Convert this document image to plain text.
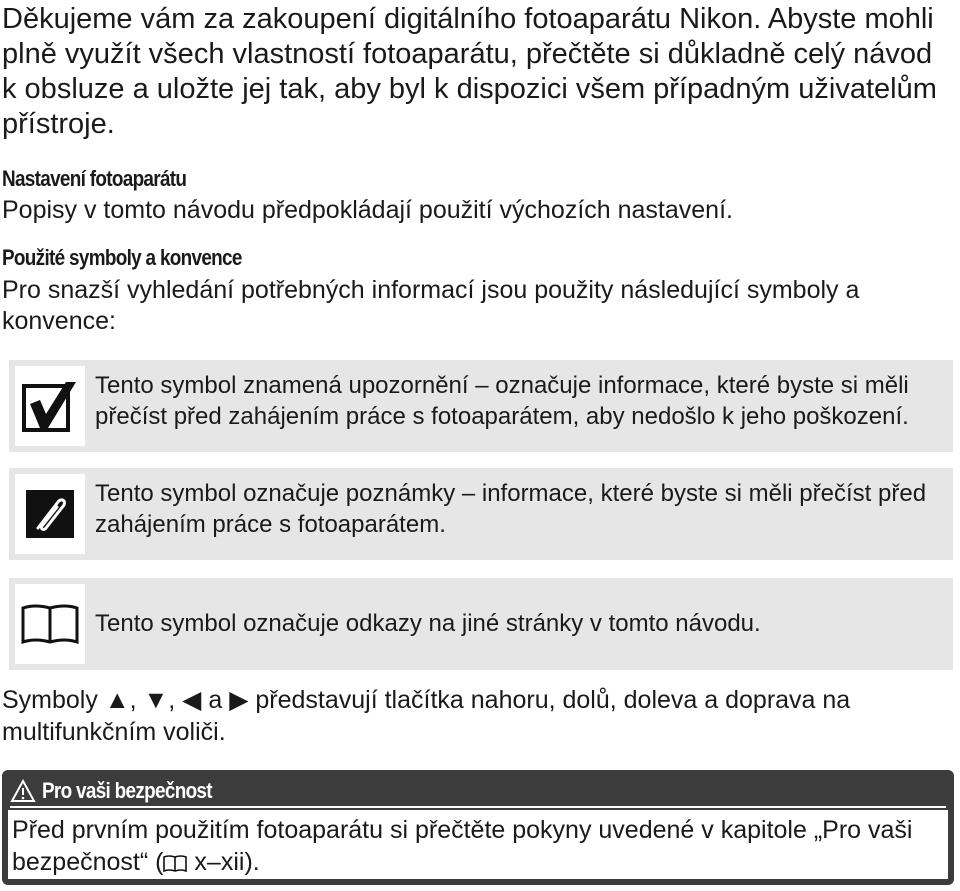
Děkujeme vám za zakoupení digitálního fotoaparátu Nikon. Abyste mohli plně využít všech vlastností fotoaparátu, přečtěte si důkladně celý návod k obsluze a uložte jej tak, aby byl k dispozici všem případným uživatelům přístroje.

Nastavení fotoaparátu

Popisy v tomto návodu předpokládají použití výchozích nastavení.

Použité symboly a konvence

Pro snazší vyhledání potřebných informací jsou použity následující symboly a konvence:

Tento symbol znamená upozornění – označuje informace, které byste si měli přečíst před zahájením práce s fotoaparátem, aby nedošlo k jeho poškození.
Tento symbol označuje poznámky – informace, které byste si měli přečíst před zahájením práce s fotoaparátem.
Tento symbol označuje odkazy na jiné stránky v tomto návodu.

Symboly ▲, ▼, ◀ a ▶ představují tlačítka nahoru, dolů, doleva a doprava na multifunkčním voliči.

Pro vaši bezpečnost
Před prvním použitím fotoaparátu si přečtěte pokyny uvedené v kapitole „Pro vaši bezpečnost“ ( x–xii).
